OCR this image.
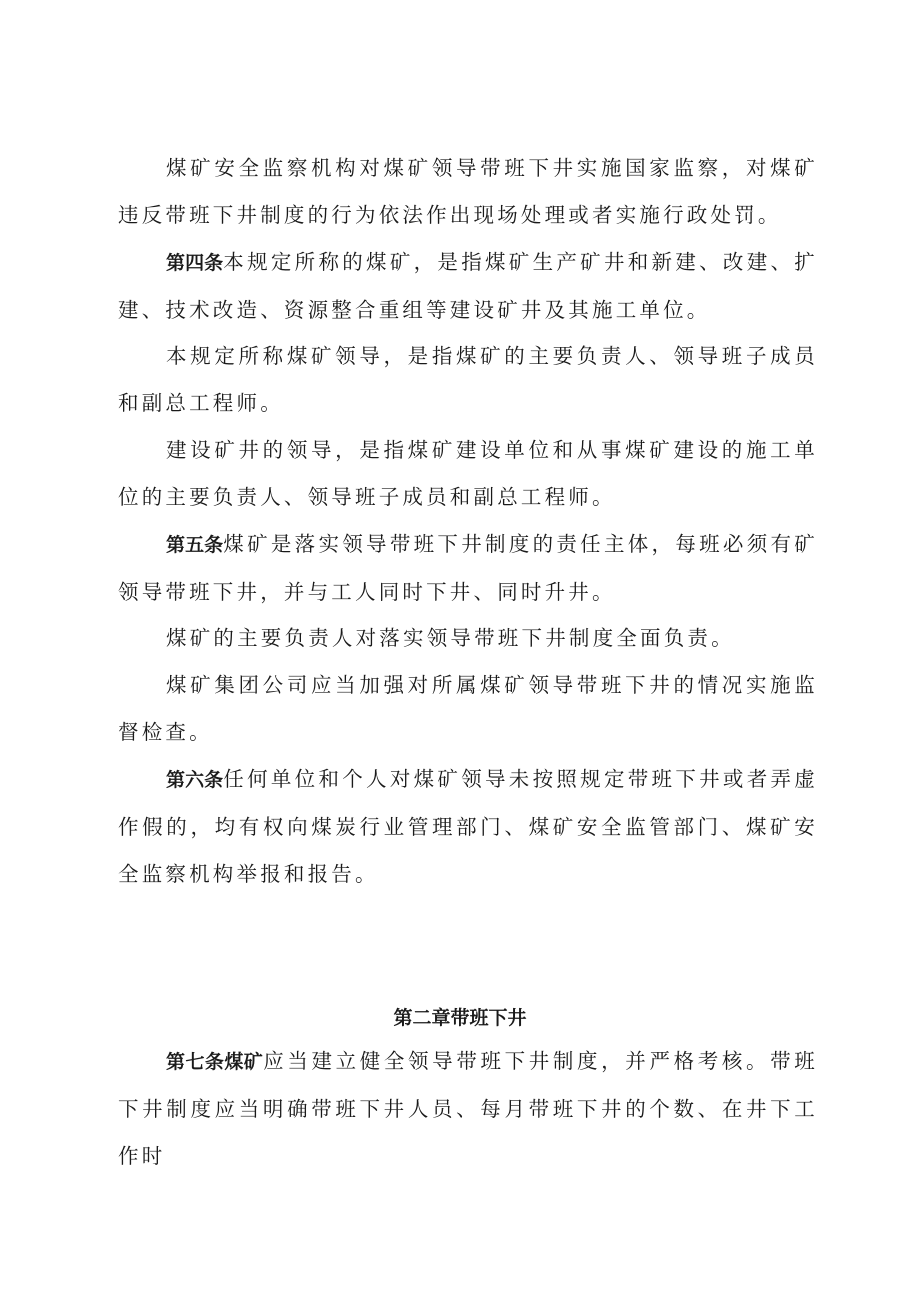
煤矿安全监察机构对煤矿领导带班下井实施国家监察，对煤矿违反带班下井制度的行为依法作出现场处理或者实施行政处罚。

第四条本规定所称的煤矿，是指煤矿生产矿井和新建、改建、扩建、技术改造、资源整合重组等建设矿井及其施工单位。

本规定所称煤矿领导，是指煤矿的主要负责人、领导班子成员和副总工程师。

建设矿井的领导，是指煤矿建设单位和从事煤矿建设的施工单位的主要负责人、领导班子成员和副总工程师。

第五条煤矿是落实领导带班下井制度的责任主体，每班必须有矿领导带班下井，并与工人同时下井、同时升井。

煤矿的主要负责人对落实领导带班下井制度全面负责。

煤矿集团公司应当加强对所属煤矿领导带班下井的情况实施监督检查。

第六条任何单位和个人对煤矿领导未按照规定带班下井或者弄虚作假的，均有权向煤炭行业管理部门、煤矿安全监管部门、煤矿安全监察机构举报和报告。

第二章带班下井

第七条煤矿应当建立健全领导带班下井制度，并严格考核。带班下井制度应当明确带班下井人员、每月带班下井的个数、在井下工作时
